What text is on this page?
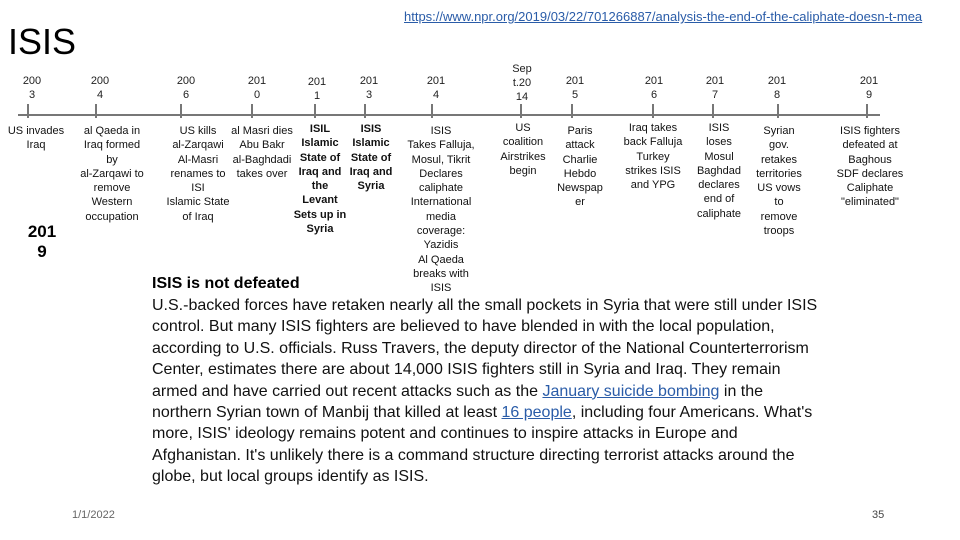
ISIS
https://www.npr.org/2019/03/22/701266887/analysis-the-end-of-the-caliphate-doesn-t-mea
200
3
200
4
200
6
201
0
201
1
201
3
201
4
Sep
t.20
14
201
5
201
6
201
7
201
8
201
9
US invades
Iraq
al Qaeda in
Iraq formed
by
al-Zarqawi to
remove
Western
occupation
US kills
al-Zarqawi
Al-Masri
renames to
ISI
Islamic State
of Iraq
al Masri dies
Abu Bakr
al-Baghdadi
takes over
ISIL
Islamic
State of
Iraq and
the
Levant
Sets up in
Syria
ISIS
Islamic
State of
Iraq and
Syria
ISIS
Takes Falluja,
Mosul, Tikrit
Declares
caliphate
International
media
coverage:
Yazidis
Al Qaeda
breaks with
ISIS
US
coalition
Airstrikes
begin
Paris
attack
Charlie
Hebdo
Newspap
er
Iraq takes
back Falluja
Turkey
strikes ISIS
and YPG
ISIS
loses
Mosul
Baghdad
declares
end of
caliphate
Syrian
gov.
retakes
territories
US vows
to
remove
troops
ISIS fighters
defeated at
Baghous
SDF declares
Caliphate
"eliminated"
201
9
ISIS is not defeated
U.S.-backed forces have retaken nearly all the small pockets in Syria that were still under ISIS control. But many ISIS fighters are believed to have blended in with the local population, according to U.S. officials. Russ Travers, the deputy director of the National Counterterrorism Center, estimates there are about 14,000 ISIS fighters still in Syria and Iraq. They remain armed and have carried out recent attacks such as the January suicide bombing in the northern Syrian town of Manbij that killed at least 16 people, including four Americans. What's more, ISIS' ideology remains potent and continues to inspire attacks in Europe and Afghanistan. It's unlikely there is a command structure directing terrorist attacks around the globe, but local groups identify as ISIS.
1/1/2022	35
